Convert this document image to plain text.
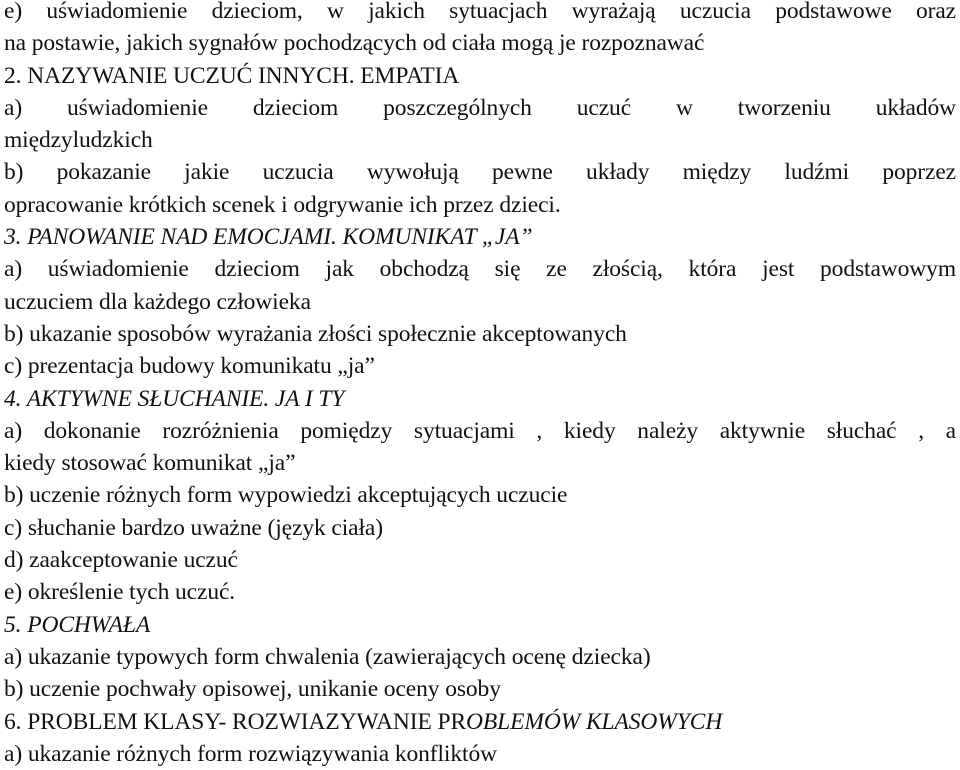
e) uświadomienie dzieciom, w jakich sytuacjach wyrażają uczucia podstawowe oraz
na postawie, jakich sygnałów pochodzących od ciała mogą je rozpoznawać
2. NAZYWANIE UCZUĆ INNYCH. EMPATIA
a) uświadomienie dzieciom poszczególnych uczuć w tworzeniu układów
międzyludzkich
b) pokazanie jakie uczucia wywołują pewne układy między ludźmi poprzez
opracowanie krótkich scenek i odgrywanie ich przez dzieci.
3. PANOWANIE NAD EMOCJAMI. KOMUNIKAT „JA”
a) uświadomienie dzieciom jak obchodzą się ze złością, która jest podstawowym
uczuciem dla każdego człowieka
b) ukazanie sposobów wyrażania złości społecznie akceptowanych
c) prezentacja budowy komunikatu „ja”
4. AKTYWNE SŁUCHANIE. JA I TY
a) dokonanie rozróżnienia pomiędzy sytuacjami , kiedy należy aktywnie słuchać , a
kiedy stosować komunikat „ja”
b) uczenie różnych form wypowiedzi akceptujących uczucie
c) słuchanie bardzo uważne (język ciała)
d) zaakceptowanie uczuć
e) określenie tych uczuć.
5. POCHWAŁA
a) ukazanie typowych form chwalenia (zawierających ocenę dziecka)
b) uczenie pochwały opisowej, unikanie oceny osoby
6. PROBLEM KLASY- ROZWIAZYWANIE PROBLEMÓW KLASOWYCH
a) ukazanie różnych form rozwiązywania konfliktów
